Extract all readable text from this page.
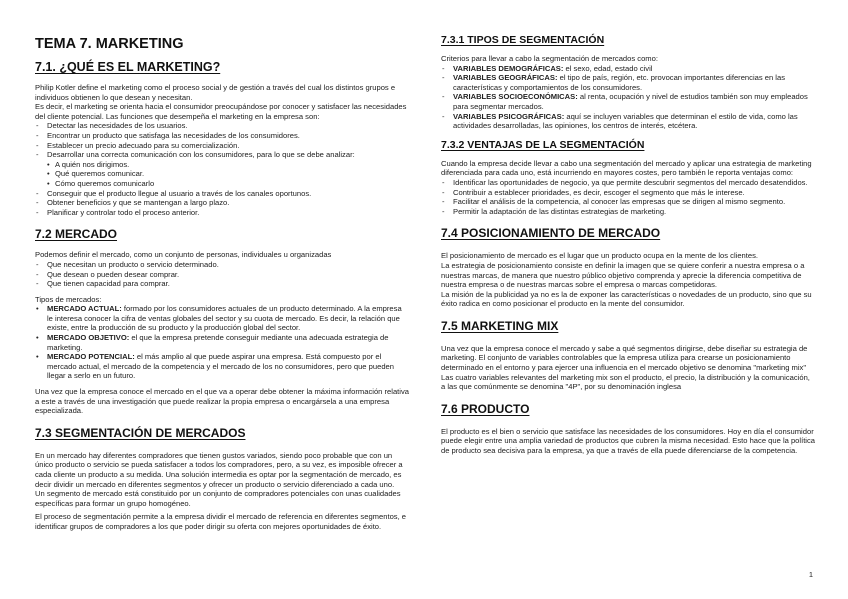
TEMA 7. MARKETING
7.1. ¿QUÉ ES EL MARKETING?

Philip Kotler define el marketing como el proceso social y de gestión a través del cual los distintos grupos e individuos obtienen lo que desean y necesitan.

Es decir, el marketing se orienta hacia el consumidor preocupándose por conocer y satisfacer las necesidades del cliente potencial. Las funciones que desempeña el marketing en la empresa son:

- Detectar las necesidades de los usuarios.
- Encontrar un producto que satisfaga las necesidades de los consumidores.
- Establecer un precio adecuado para su comercialización.
- Desarrollar una correcta comunicación con los consumidores, para lo que se debe analizar:
• A quién nos dirigimos.
• Qué queremos comunicar.
• Cómo queremos comunicarlo
- Conseguir que el producto llegue al usuario a través de los canales oportunos.
- Obtener beneficios y que se mantengan a largo plazo.
- Planificar y controlar todo el proceso anterior.
7.2 MERCADO

Podemos definir el mercado, como un conjunto de personas, individuales u organizadas

- Que necesitan un producto o servicio determinado.
- Que desean o pueden desear comprar.
- Que tienen capacidad para comprar.

Tipos de mercados:

• MERCADO ACTUAL: formado por los consumidores actuales de un producto determinado. A la empresa le interesa conocer la cifra de ventas globales del sector y su cuota de mercado. Es decir, la relación que existe, entre la producción de su producto y la producción global del sector.
• MERCADO OBJETIVO: el que la empresa pretende conseguir mediante una adecuada estrategia de marketing.
• MERCADO POTENCIAL: el más amplio al que puede aspirar una empresa. Está compuesto por el mercado actual, el mercado de la competencia y el mercado de los no consumidores, pero que pueden llegar a serlo en un futuro.

Una vez que la empresa conoce el mercado en el que va a operar debe obtener la máxima información relativa a este a través de una investigación que puede realizar la propia empresa o encargársela a una empresa especializada.

7.3 SEGMENTACIÓN DE MERCADOS

En un mercado hay diferentes compradores que tienen gustos variados, siendo poco probable que con un único producto o servicio se pueda satisfacer a todos los compradores, pero, a su vez, es imposible ofrecer a cada cliente un producto a su medida. Una solución intermedia es optar por la segmentación de mercado, es decir dividir un mercado en diferentes segmentos y ofrecer un producto o servicio diferenciado a cada uno.

Un segmento de mercado está constituido por un conjunto de compradores potenciales con unas cualidades específicas para formar un grupo homogéneo.

El proceso de segmentación permite a la empresa dividir el mercado de referencia en diferentes segmentos, e identificar grupos de compradores a los que poder dirigir su oferta con mejores oportunidades de éxito.

7.3.1 TIPOS DE SEGMENTACIÓN

Criterios para llevar a cabo la segmentación de mercados como:

- VARIABLES DEMOGRÁFICAS: el sexo, edad, estado civil
- VARIABLES GEOGRÁFICAS: el tipo de país, región, etc. provocan importantes diferencias en las características y comportamientos de los consumidores.
- VARIABLES SOCIOECONÓMICAS: al renta, ocupación y nivel de estudios también son muy empleados para segmentar mercados.
- VARIABLES PSICOGRÁFICAS: aquí se incluyen variables que determinan el estilo de vida, como las actividades desarrolladas, las opiniones, los centros de interés, etcétera.
7.3.2 VENTAJAS DE LA SEGMENTACIÓN

Cuando la empresa decide llevar a cabo una segmentación del mercado y aplicar una estrategia de marketing diferenciada para cada uno, está incurriendo en mayores costes, pero también le reporta ventajas como:

- Identificar las oportunidades de negocio, ya que permite descubrir segmentos del mercado desatendidos.
- Contribuir a establecer prioridades, es decir, escoger el segmento que más le interese.
- Facilitar el análisis de la competencia, al conocer las empresas que se dirigen al mismo segmento.
- Permitir la adaptación de las distintas estrategias de marketing.
7.4 POSICIONAMIENTO DE MERCADO

El posicionamiento de mercado es el lugar que un producto ocupa en la mente de los clientes.

La estrategia de posicionamiento consiste en definir la imagen que se quiere conferir a nuestra empresa o a nuestras marcas, de manera que nuestro público objetivo comprenda y aprecie la diferencia competitiva de nuestra empresa o de nuestras marcas sobre el empresa o marcas competidoras.

La misión de la publicidad ya no es la de exponer las características o novedades de un producto, sino que su éxito radica en como posicionar el producto en la mente del consumidor.

7.5 MARKETING MIX

Una vez que la empresa conoce el mercado y sabe a qué segmentos dirigirse, debe diseñar su estrategia de marketing. El conjunto de variables controlables que la empresa utiliza para crearse un posicionamiento determinado en el entorno y para ejercer una influencia en el mercado objetivo se denomina "marketing mix"

Las cuatro variables relevantes del marketing mix son el producto, el precio, la distribución y la comunicación, a las que comúnmente se denomina "4P", por su denominación inglesa

7.6 PRODUCTO

El producto es el bien o servicio que satisface las necesidades de los consumidores. Hoy en día el consumidor puede elegir entre una amplia variedad de productos que cubren la misma necesidad. Esto hace que la política de producto sea decisiva para la empresa, ya que a través de ella puede diferenciarse de la competencia.

1
